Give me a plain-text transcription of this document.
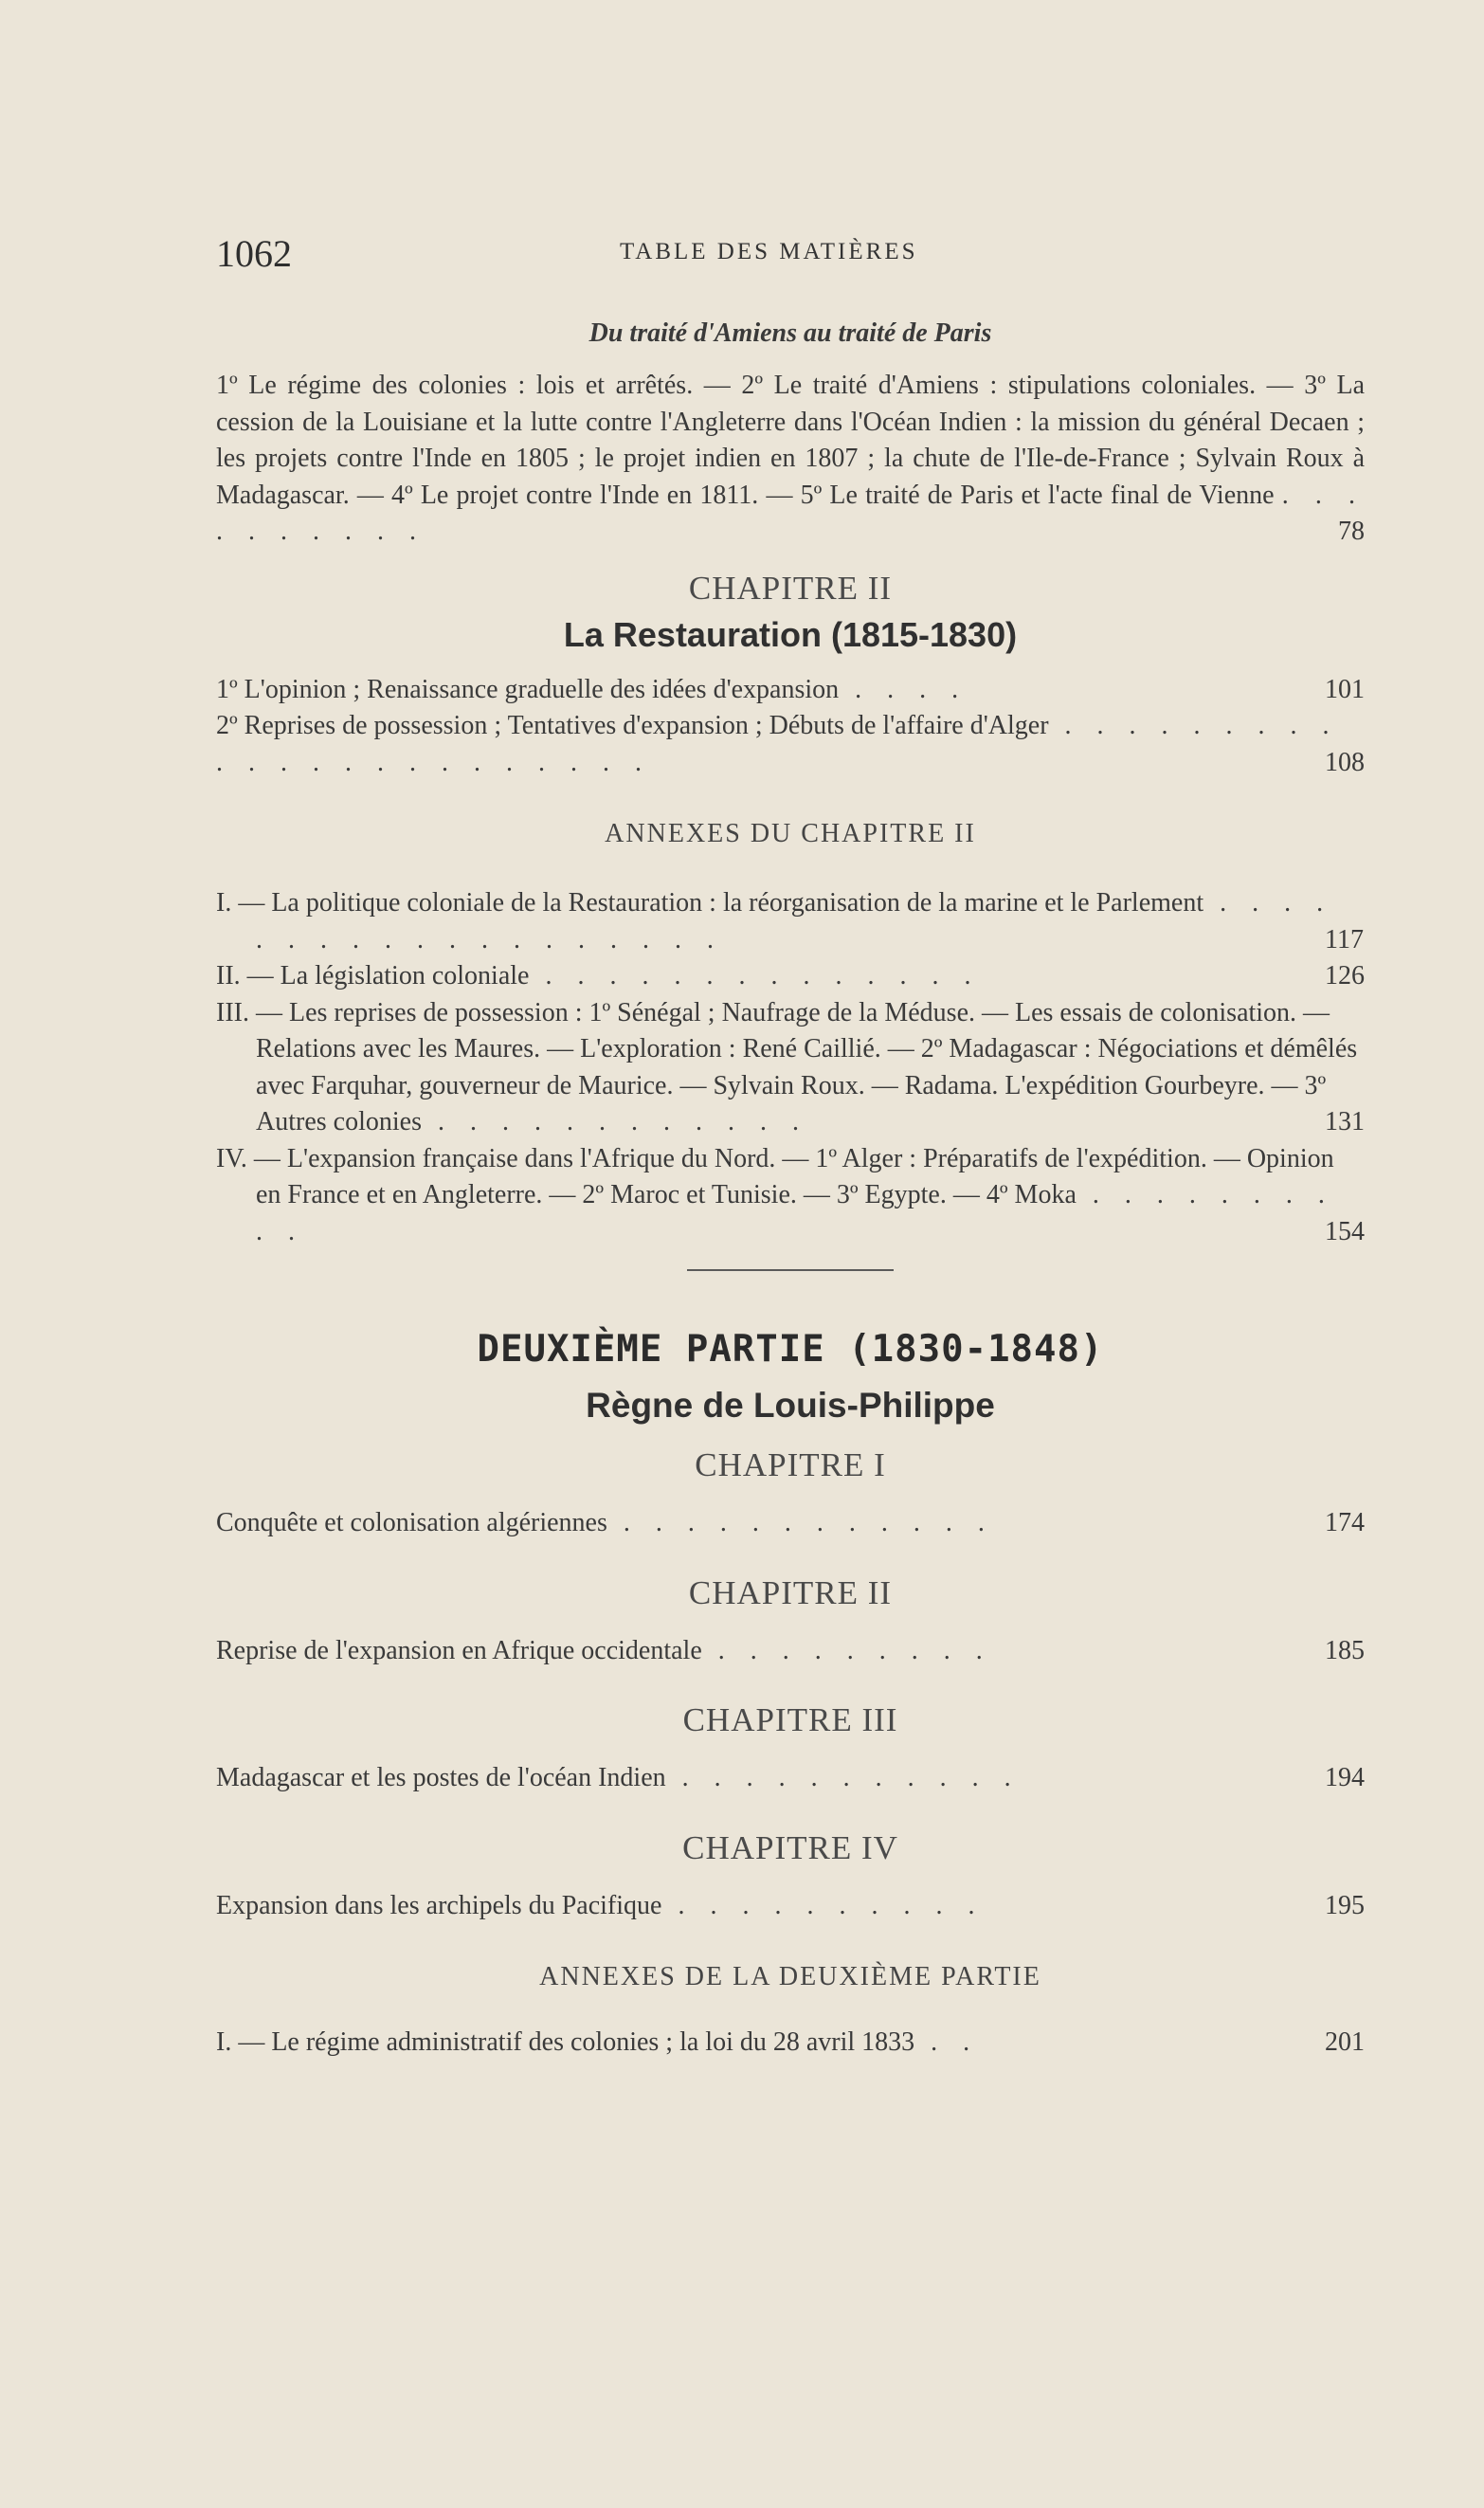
1062	TABLE DES MATIÈRES
Du traité d'Amiens au traité de Paris
1º Le régime des colonies : lois et arrêtés. — 2º Le traité d'Amiens : stipulations coloniales. — 3º La cession de la Louisiane et la lutte contre l'Angleterre dans l'Océan Indien : la mission du général Decaen ; les projets contre l'Inde en 1805 ; le projet indien en 1807 ; la chute de l'Ile-de-France ; Sylvain Roux à Madagascar. — 4º Le projet contre l'Inde en 1811. — 5º Le traité de Paris et l'acte final de Vienne . . . . . . . . . .	78
CHAPITRE II
La Restauration (1815-1830)
1º L'opinion ; Renaissance graduelle des idées d'expansion . . . .	101
2º Reprises de possession ; Tentatives d'expansion ; Débuts de l'affaire d'Alger . . . . . . . . . . . . . . . . . . . . . . .	108
ANNEXES DU CHAPITRE II
I. — La politique coloniale de la Restauration : la réorganisation de la marine et le Parlement . . . . . . . . . . . . . . . . . . .	117
II. — La législation coloniale . . . . . . . . . . . . . .	126
III. — Les reprises de possession : 1º Sénégal ; Naufrage de la Méduse. — Les essais de colonisation. — Relations avec les Maures. — L'exploration : René Caillié. — 2º Madagascar : Négociations et démêlés avec Farquhar, gouverneur de Maurice. — Sylvain Roux. — Radama. L'expédition Gourbeyre. — 3º Autres colonies . . . . . . . . . . . .	131
IV. — L'expansion française dans l'Afrique du Nord. — 1º Alger : Préparatifs de l'expédition. — Opinion en France et en Angleterre. — 2º Maroc et Tunisie. — 3º Egypte. — 4º Moka . . . . . . . . . .	154
DEUXIÈME PARTIE (1830-1848)
Règne de Louis-Philippe
CHAPITRE I
Conquête et colonisation algériennes . . . . . . . . . . . .	174
CHAPITRE II
Reprise de l'expansion en Afrique occidentale . . . . . . . . .	185
CHAPITRE III
Madagascar et les postes de l'océan Indien . . . . . . . . . . .	194
CHAPITRE IV
Expansion dans les archipels du Pacifique . . . . . . . . . .	195
ANNEXES DE LA DEUXIÈME PARTIE
I. — Le régime administratif des colonies ; la loi du 28 avril 1833 . .	201
